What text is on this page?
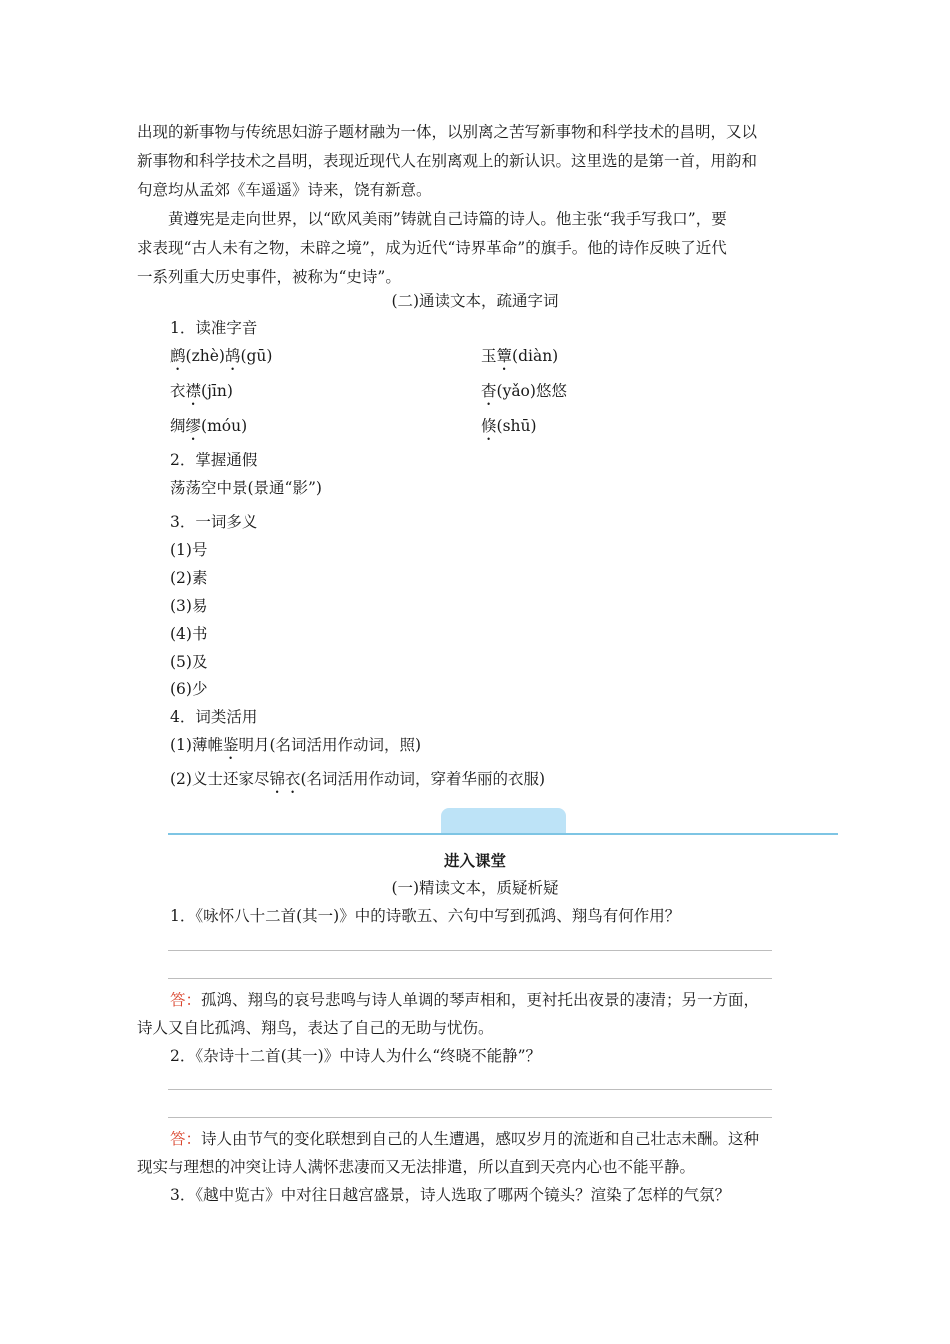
出现的新事物与传统思妇游子题材融为一体，以别离之苦写新事物和科学技术的昌明，又以
新事物和科学技术之昌明，表现近现代人在别离观上的新认识。这里选的是第一首，用韵和
句意均从孟郊《车遥遥》诗来，饶有新意。
黄遵宪是走向世界，以“欧风美雨”铸就自己诗篇的诗人。他主张“我手写我口”，要
求表现“古人未有之物，未辟之境”，成为近代“诗界革命”的旗手。他的诗作反映了近代
一系列重大历史事件，被称为“史诗”。
(二)通读文本，疏通字词
1．读准字音
鹧(zhè)鸪(gū)	玉簟(diàn)
衣襟(jīn)	杳(yǎo)悠悠
绸缪(móu)	倏(shū)
2．掌握通假
荡荡空中景(景通“影”)
3．一词多义
(1)号
(2)素
(3)易
(4)书
(5)及
(6)少
4．词类活用
(1)薄帷鉴明月(名词活用作动词，照)
(2)义士还家尽锦衣(名词活用作动词，穿着华丽的衣服)
进入课堂
(一)精读文本，质疑析疑
1．《咏怀八十二首(其一)》中的诗歌五、六句中写到孤鸿、翔鸟有何作用？
答：孤鸿、翔鸟的哀号悲鸣与诗人单调的琴声相和，更衬托出夜景的凄清；另一方面，
诗人又自比孤鸿、翔鸟，表达了自己的无助与忧伤。
2．《杂诗十二首(其一)》中诗人为什么“终晓不能静”？
答：诗人由节气的变化联想到自己的人生遭遇，感叹岁月的流逝和自己壮志未酬。这种
现实与理想的冲突让诗人满怀悲凄而又无法排遣，所以直到天亮内心也不能平静。
3．《越中览古》中对往日越宫盛景，诗人选取了哪两个镜头？渲染了怎样的气氛？
